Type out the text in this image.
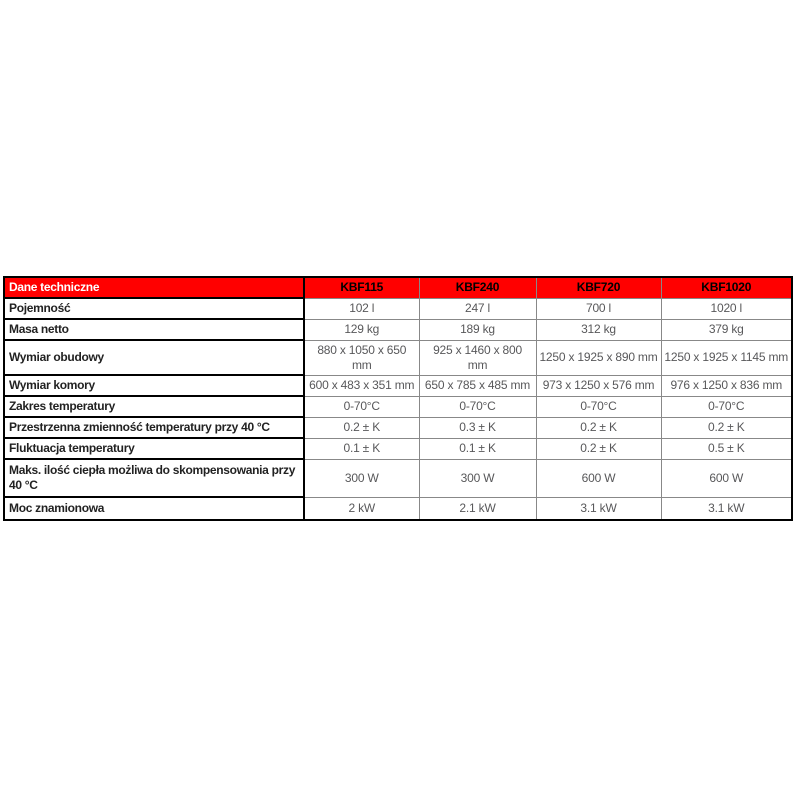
Dane techniczne	KBF115	KBF240	KBF720	KBF1020
Pojemność	102 l	247 l	700 l	1020 l
Masa netto	129 kg	189 kg	312 kg	379 kg
Wymiar obudowy	880 x 1050 x 650 mm	925 x 1460 x 800 mm	1250 x 1925 x 890 mm	1250 x 1925 x 1145 mm
Wymiar komory	600 x 483 x 351 mm	650 x 785 x 485 mm	973 x 1250 x 576 mm	976 x 1250 x 836 mm
Zakres temperatury	0-70°C	0-70°C	0-70°C	0-70°C
Przestrzenna zmienność temperatury przy 40 °C	0.2 ± K	0.3 ± K	0.2 ± K	0.2 ± K
Fluktuacja temperatury	0.1 ± K	0.1 ± K	0.2 ± K	0.5 ± K
Maks. ilość ciepła możliwa do skompensowania przy 40 °C	300 W	300 W	600 W	600 W
Moc znamionowa	2 kW	2.1 kW	3.1 kW	3.1 kW
